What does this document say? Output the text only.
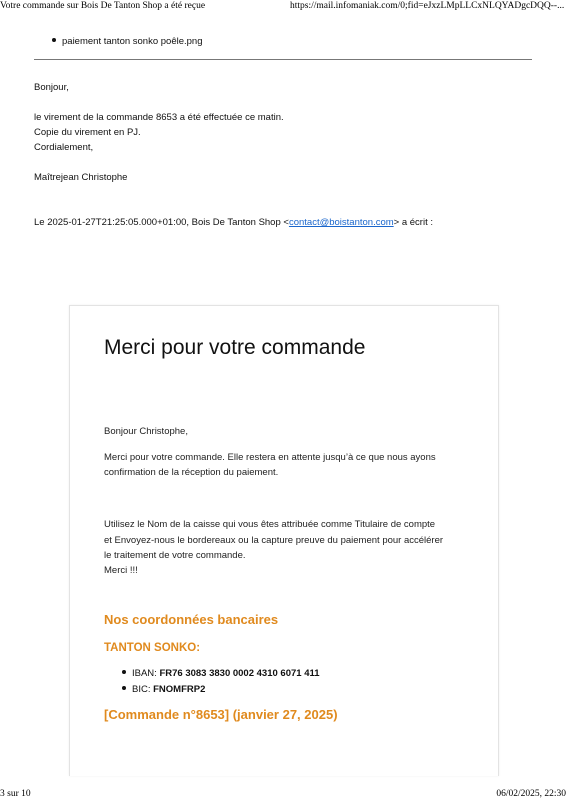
Votre commande sur Bois De Tanton Shop a été reçue	https://mail.infomaniak.com/0;fid=eJxzLMpLLCxNLQYADgcDQQ--...
paiement tanton sonko poêle.png
Bonjour,
le virement de la commande 8653 a été effectuée ce matin.
Copie du virement en PJ.
Cordialement,
Maîtrejean Christophe
Le 2025-01-27T21:25:05.000+01:00, Bois De Tanton Shop <contact@boistanton.com> a écrit :
Merci pour votre commande
Bonjour Christophe,
Merci pour votre commande. Elle restera en attente jusqu’à ce que nous ayons
confirmation de la réception du paiement.
Utilisez le Nom de la caisse qui vous êtes attribuée comme Titulaire de compte
et Envoyez-nous le bordereaux ou la capture preuve du paiement pour accélérer
le traitement de votre commande.
Merci !!!
Nos coordonnées bancaires
TANTON SONKO:
IBAN: FR76 3083 3830 0002 4310 6071 411
BIC: FNOMFRP2
[Commande n°8653] (janvier 27, 2025)
3 sur 10	06/02/2025, 22:30
